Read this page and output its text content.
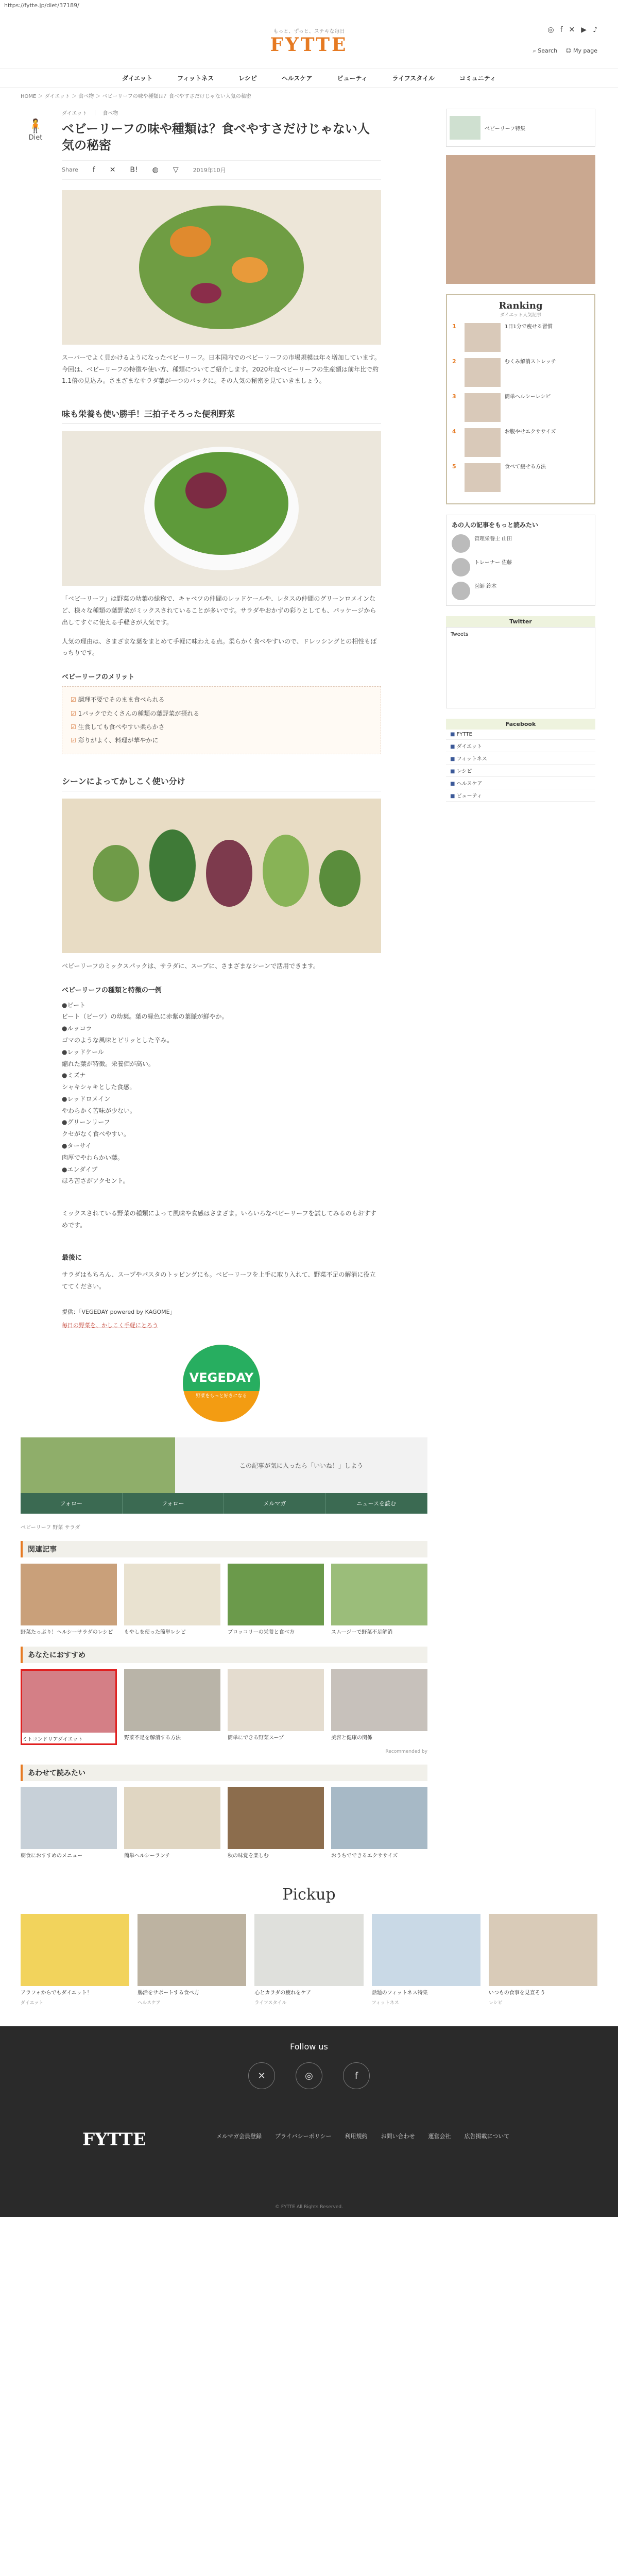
https://fytte.jp/diet/37189/
もっと、ずっと、ステキな毎日
FYTTE
◎ f ✕ ▶ ♪
⌕ Search ☺ My page
ダイエット	フィットネス	レシピ	ヘルスケア	ビューティ	ライフスタイル	コミュニティ
HOME ＞ ダイエット ＞ 食べ物 ＞ ベビーリーフの味や種類は？食べやすさだけじゃない人気の秘密
🧍
Diet
ダイエット　｜　食べ物
ベビーリーフの味や種類は？食べやすさだけじゃない人気の秘密
Share f ✕ B! ◍ ▽	2019年10月

スーパーでよく見かけるようになったベビーリーフ。日本国内でのベビーリーフの市場規模は年々増加しています。今回は、ベビーリーフの特徴や使い方、種類についてご紹介します。2020年度ベビーリーフの生産額は前年比で約1.1倍の見込み。さまざまなサラダ葉が一つのパックに。その人気の秘密を見ていきましょう。

味も栄養も使い勝手！三拍子そろった便利野菜

「ベビーリーフ」は野菜の幼葉の総称で、キャベツの仲間のレッドケールや、レタスの仲間のグリーンロメインなど、様々な種類の葉野菜がミックスされていることが多いです。サラダやおかずの彩りとしても、パッケージから出してすぐに使える手軽さが人気です。

人気の理由は、さまざまな葉をまとめて手軽に味わえる点。柔らかく食べやすいので、ドレッシングとの相性もばっちりです。

ベビーリーフのメリット
☑ 調理不要でそのまま食べられる
☑ 1パックでたくさんの種類の葉野菜が摂れる
☑ 生食しても食べやすい柔らかさ
☑ 彩りがよく、料理が華やかに
シーンによってかしこく使い分け

ベビーリーフのミックスパックは、サラダに、スープに、さまざまなシーンで活用できます。

ベビーリーフの種類と特徴の一例
●ビート
ビート（ビーツ）の幼葉。葉の緑色に赤紫の葉脈が鮮やか。
●ルッコラ
ゴマのような風味とピリッとした辛み。
●レッドケール
縮れた葉が特徴。栄養価が高い。
●ミズナ
シャキシャキとした食感。
●レッドロメイン
やわらかく苦味が少ない。
●グリーンリーフ
クセがなく食べやすい。
●ターサイ
肉厚でやわらかい葉。
●エンダイブ
ほろ苦さがアクセント。

ミックスされている野菜の種類によって風味や食感はさまざま。いろいろなベビーリーフを試してみるのもおすすめです。

最後に

サラダはもちろん、スープやパスタのトッピングにも。ベビーリーフを上手に取り入れて、野菜不足の解消に役立ててください。

提供：「VEGEDAY powered by KAGOME」
毎日の野菜を、かしこく手軽にとろう
VEGEDAY
野菜をもっと好きになる
この記事が気に入ったら「いいね！」しよう
フォロー	フォロー	メルマガ	ニュースを読む
ベビーリーフ 野菜 サラダ
関連記事
野菜たっぷり！ヘルシーサラダのレシピ	もやしを使った簡単レシピ	ブロッコリーの栄養と食べ方	スムージーで野菜不足解消
あなたにおすすめ
ミトコンドリアダイエット	野菜不足を解消する方法	簡単にできる野菜スープ	美容と健康の関係
Recommended by
あわせて読みたい
朝食におすすめのメニュー	簡単ヘルシーランチ	秋の味覚を楽しむ	おうちでできるエクササイズ
ベビーリーフ特集
Ranking
ダイエット人気記事
1	1日1分で痩せる習慣
2	むくみ解消ストレッチ
3	簡単ヘルシーレシピ
4	お腹やせエクササイズ
5	食べて痩せる方法
あの人の記事をもっと読みたい
管理栄養士 山田
トレーナー 佐藤
医師 鈴木
Twitter
Tweets
Facebook
■ FYTTE
■ ダイエット
■ フィットネス
■ レシピ
■ ヘルスケア
■ ビューティ
Pickup
アラフォからでもダイエット！
ダイエット
腸活をサポートする食べ方
ヘルスケア
心とカラダの疲れをケア
ライフスタイル
話題のフィットネス特集
フィットネス
いつもの食事を見直そう
レシピ
Follow us
✕	◎	f
FYTTE	メルマガ会員登録 プライバシーポリシー 利用規約 お問い合わせ 運営会社 広告掲載について
© FYTTE All Rights Reserved.
